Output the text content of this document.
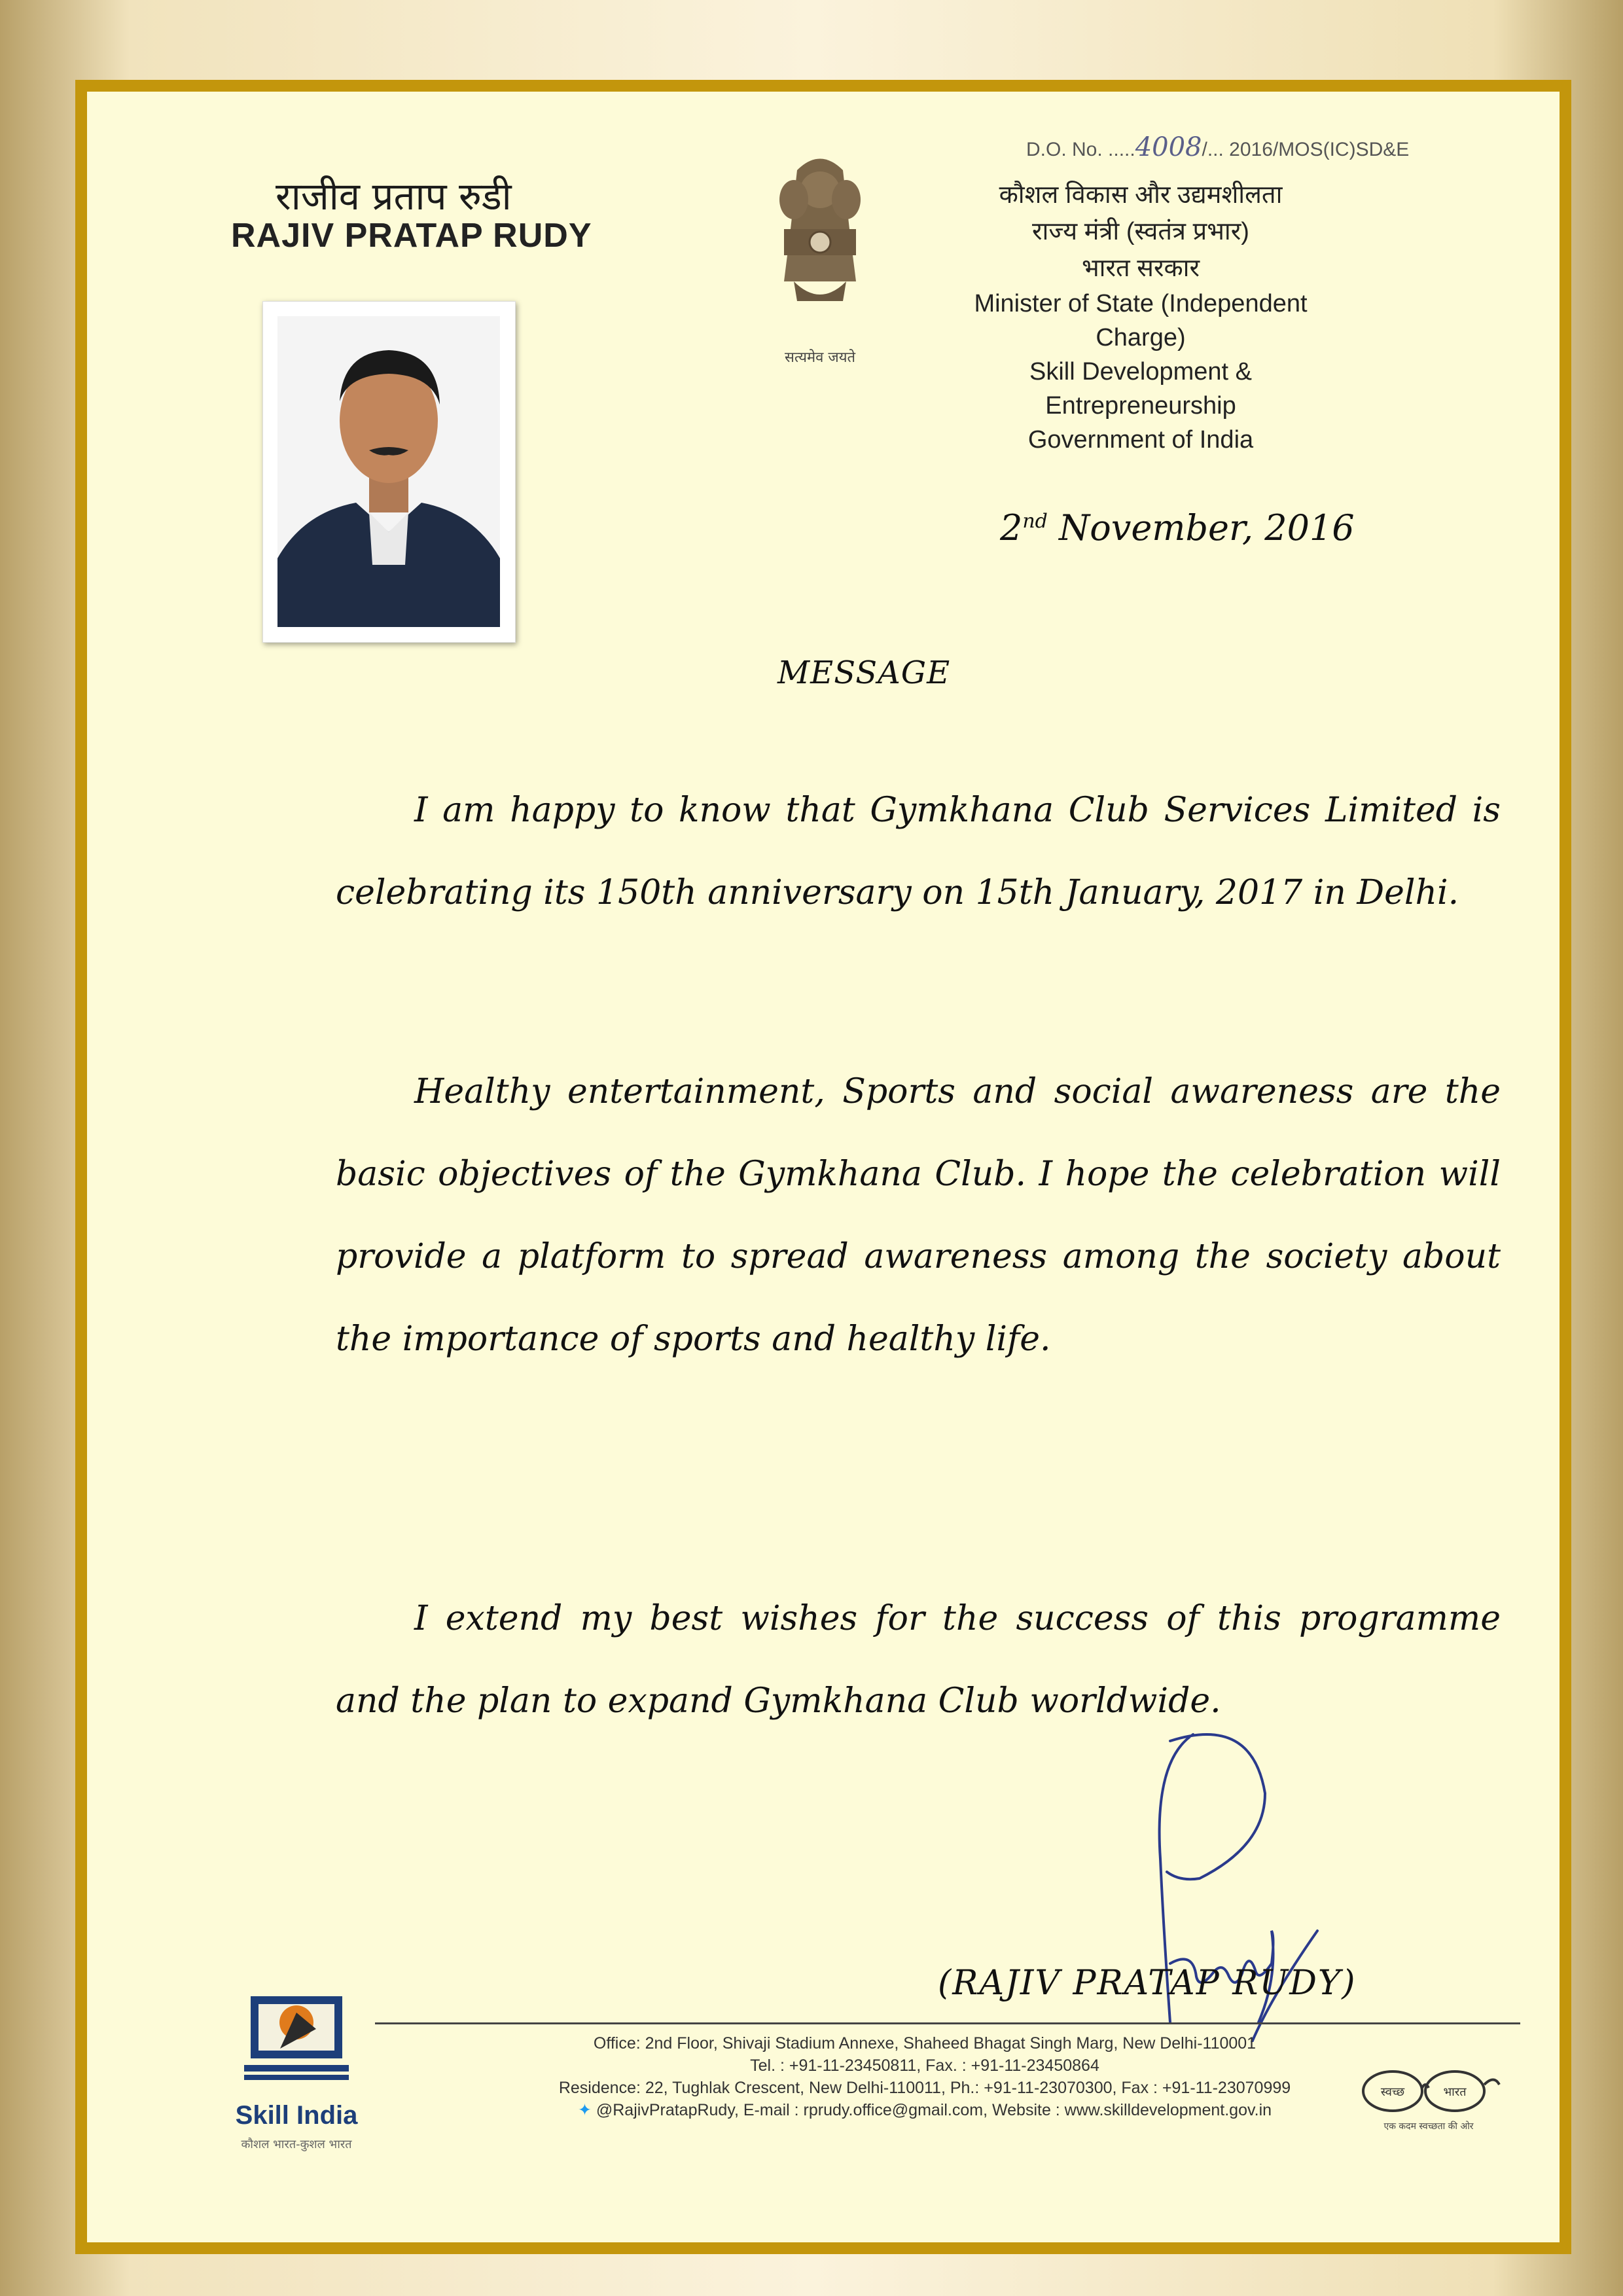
राजीव प्रताप रुडी
RAJIV PRATAP RUDY
सत्यमेव जयते
D.O. No. .....4008/... 2016/MOS(IC)SD&E
कौशल विकास और उद्यमशीलता
राज्य मंत्री (स्वतंत्र प्रभार)
भारत सरकार
Minister of State (Independent Charge)
Skill Development & Entrepreneurship
Government of India
2nd November, 2016
MESSAGE

I am happy to know that Gymkhana Club Services Limited is celebrating its 150th anniversary on 15th January, 2017 in Delhi.

Healthy entertainment, Sports and social awareness are the basic objectives of the Gymkhana Club. I hope the celebration will provide a platform to spread awareness among the society about the importance of sports and healthy life.

I extend my best wishes for the success of this programme and the plan to expand Gymkhana Club worldwide.

(RAJIV PRATAP RUDY)
Skill India
कौशल भारत-कुशल भारत
Office: 2nd Floor, Shivaji Stadium Annexe, Shaheed Bhagat Singh Marg, New Delhi-110001
Tel. : +91-11-23450811, Fax. : +91-11-23450864
Residence: 22, Tughlak Crescent, New Delhi-110011, Ph.: +91-11-23070300, Fax : +91-11-23070999
✦ @RajivPratapRudy, E-mail : rprudy.office@gmail.com, Website : www.skilldevelopment.gov.in
स्वच्छ	भारत
एक कदम स्वच्छता की ओर
